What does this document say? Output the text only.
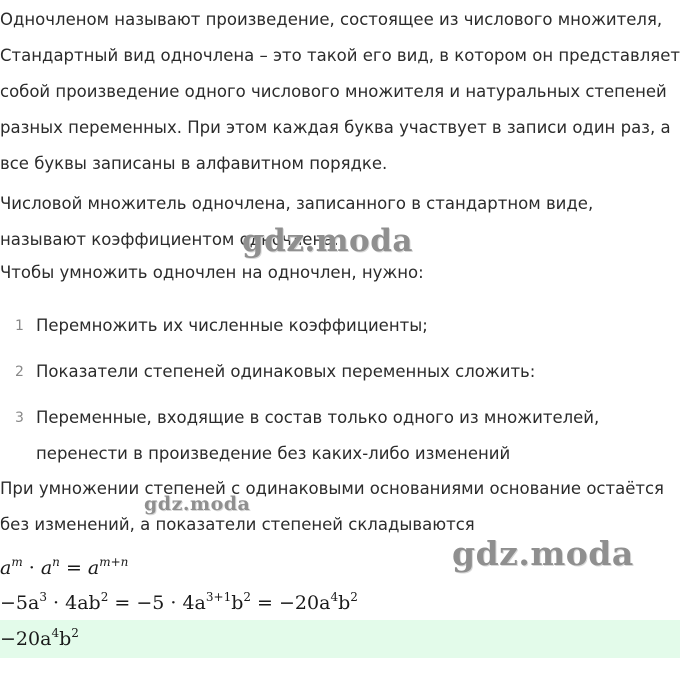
Одночленом называют произведение, состоящее из числового множителя, Стандартный вид одночлена – это такой его вид, в котором он представляет собой произведение одного числового множителя и натуральных степеней разных переменных. При этом каждая буква участвует в записи один раз, а все буквы записаны в алфавитном порядке.

Числовой множитель одночлена, записанного в стандартном виде, называют коэффициентом одночлена.

Чтобы умножить одночлен на одночлен, нужно:

1 Перемножить их численные коэффициенты;
2 Показатели степеней одинаковых переменных сложить:
3 Переменные, входящие в состав только одного из множителей, перенести в произведение без каких-либо изменений

При умножении степеней с одинаковыми основаниями основание остаётся без изменений, а показатели степеней складываются

$a^m \cdot a^n = a^{m+n}$
$-5a^3 \cdot 4ab^2 = -5 \cdot 4a^{3+1}b^2 = -20a^4b^2$
$-20a^4b^2$
gdz.moda
gdz.moda
gdz.moda
